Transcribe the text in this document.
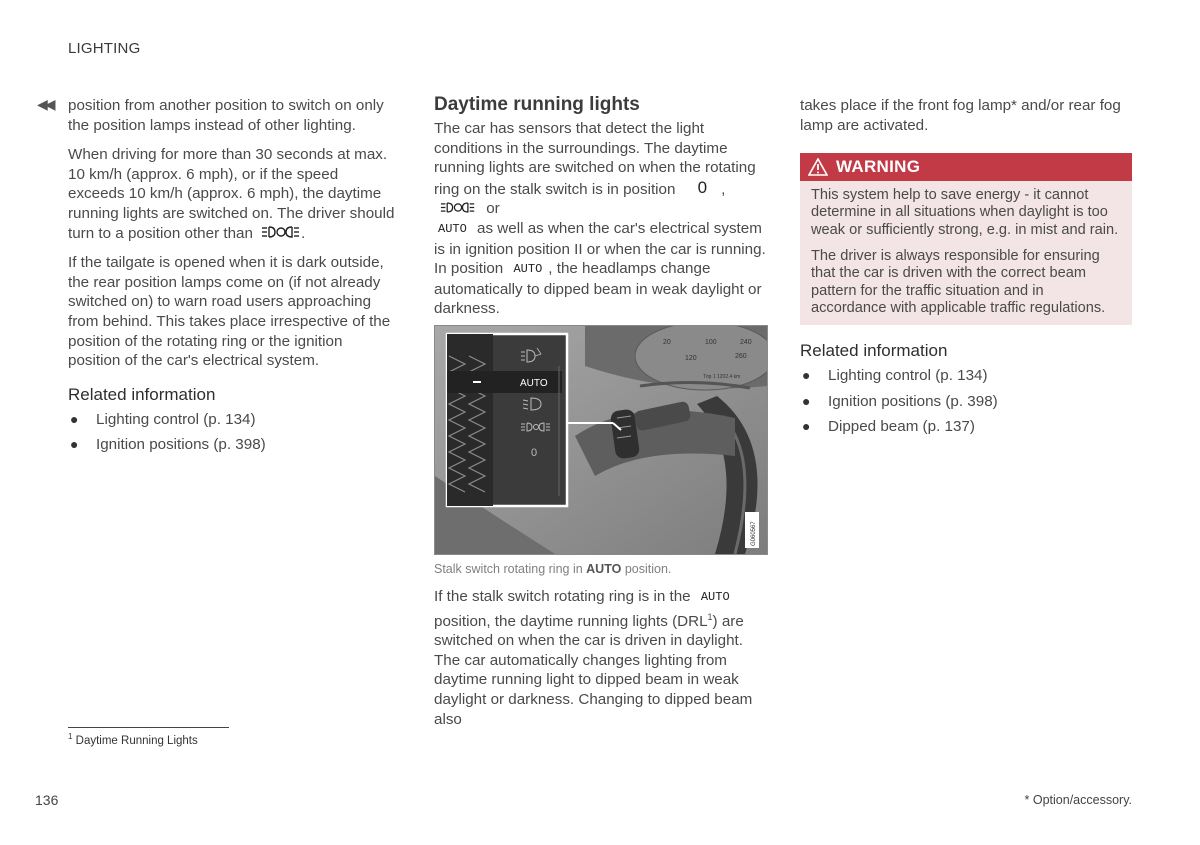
LIGHTING
◀◀ position from another position to switch on only the position lamps instead of other lighting.

When driving for more than 30 seconds at max. 10 km/h (approx. 6 mph), or if the speed exceeds 10 km/h (approx. 6 mph), the daytime running lights are switched on. The driver should turn to a position other than	.

If the tailgate is opened when it is dark outside, the rear position lamps come on (if not already switched on) to warn road users approaching from behind. This takes place irrespective of the position of the rotating ring or the ignition position of the car's electrical system.

Related information
● Lighting control (p. 134)
● Ignition positions (p. 398)
Daytime running lights

The car has sensors that detect the light conditions in the surroundings. The daytime running lights are switched on when the rotating ring on the stalk switch is in position 0 ,  or
AUTO as well as when the car's electrical system is in ignition position II or when the car is running. In position AUTO , the headlamps change automatically to dipped beam in weak daylight or darkness.

20	100
120
240
260
Trip 1 1202.4 km
AUTO
0
G060567

Stalk switch rotating ring in AUTO position.

If the stalk switch rotating ring is in the AUTO position, the daytime running lights (DRL$^1$) are switched on when the car is driven in daylight. The car automatically changes lighting from daytime running light to dipped beam in weak daylight or darkness. Changing to dipped beam also

takes place if the front fog lamp* and/or rear fog lamp are activated.

WARNING

This system help to save energy - it cannot determine in all situations when daylight is too weak or sufficiently strong, e.g. in mist and rain.

The driver is always responsible for ensuring that the car is driven with the correct beam pattern for the traffic situation and in accordance with applicable traffic regulations.

Related information
● Lighting control (p. 134)
● Ignition positions (p. 398)
● Dipped beam (p. 137)
$^1$ Daytime Running Lights
136	* Option/accessory.
